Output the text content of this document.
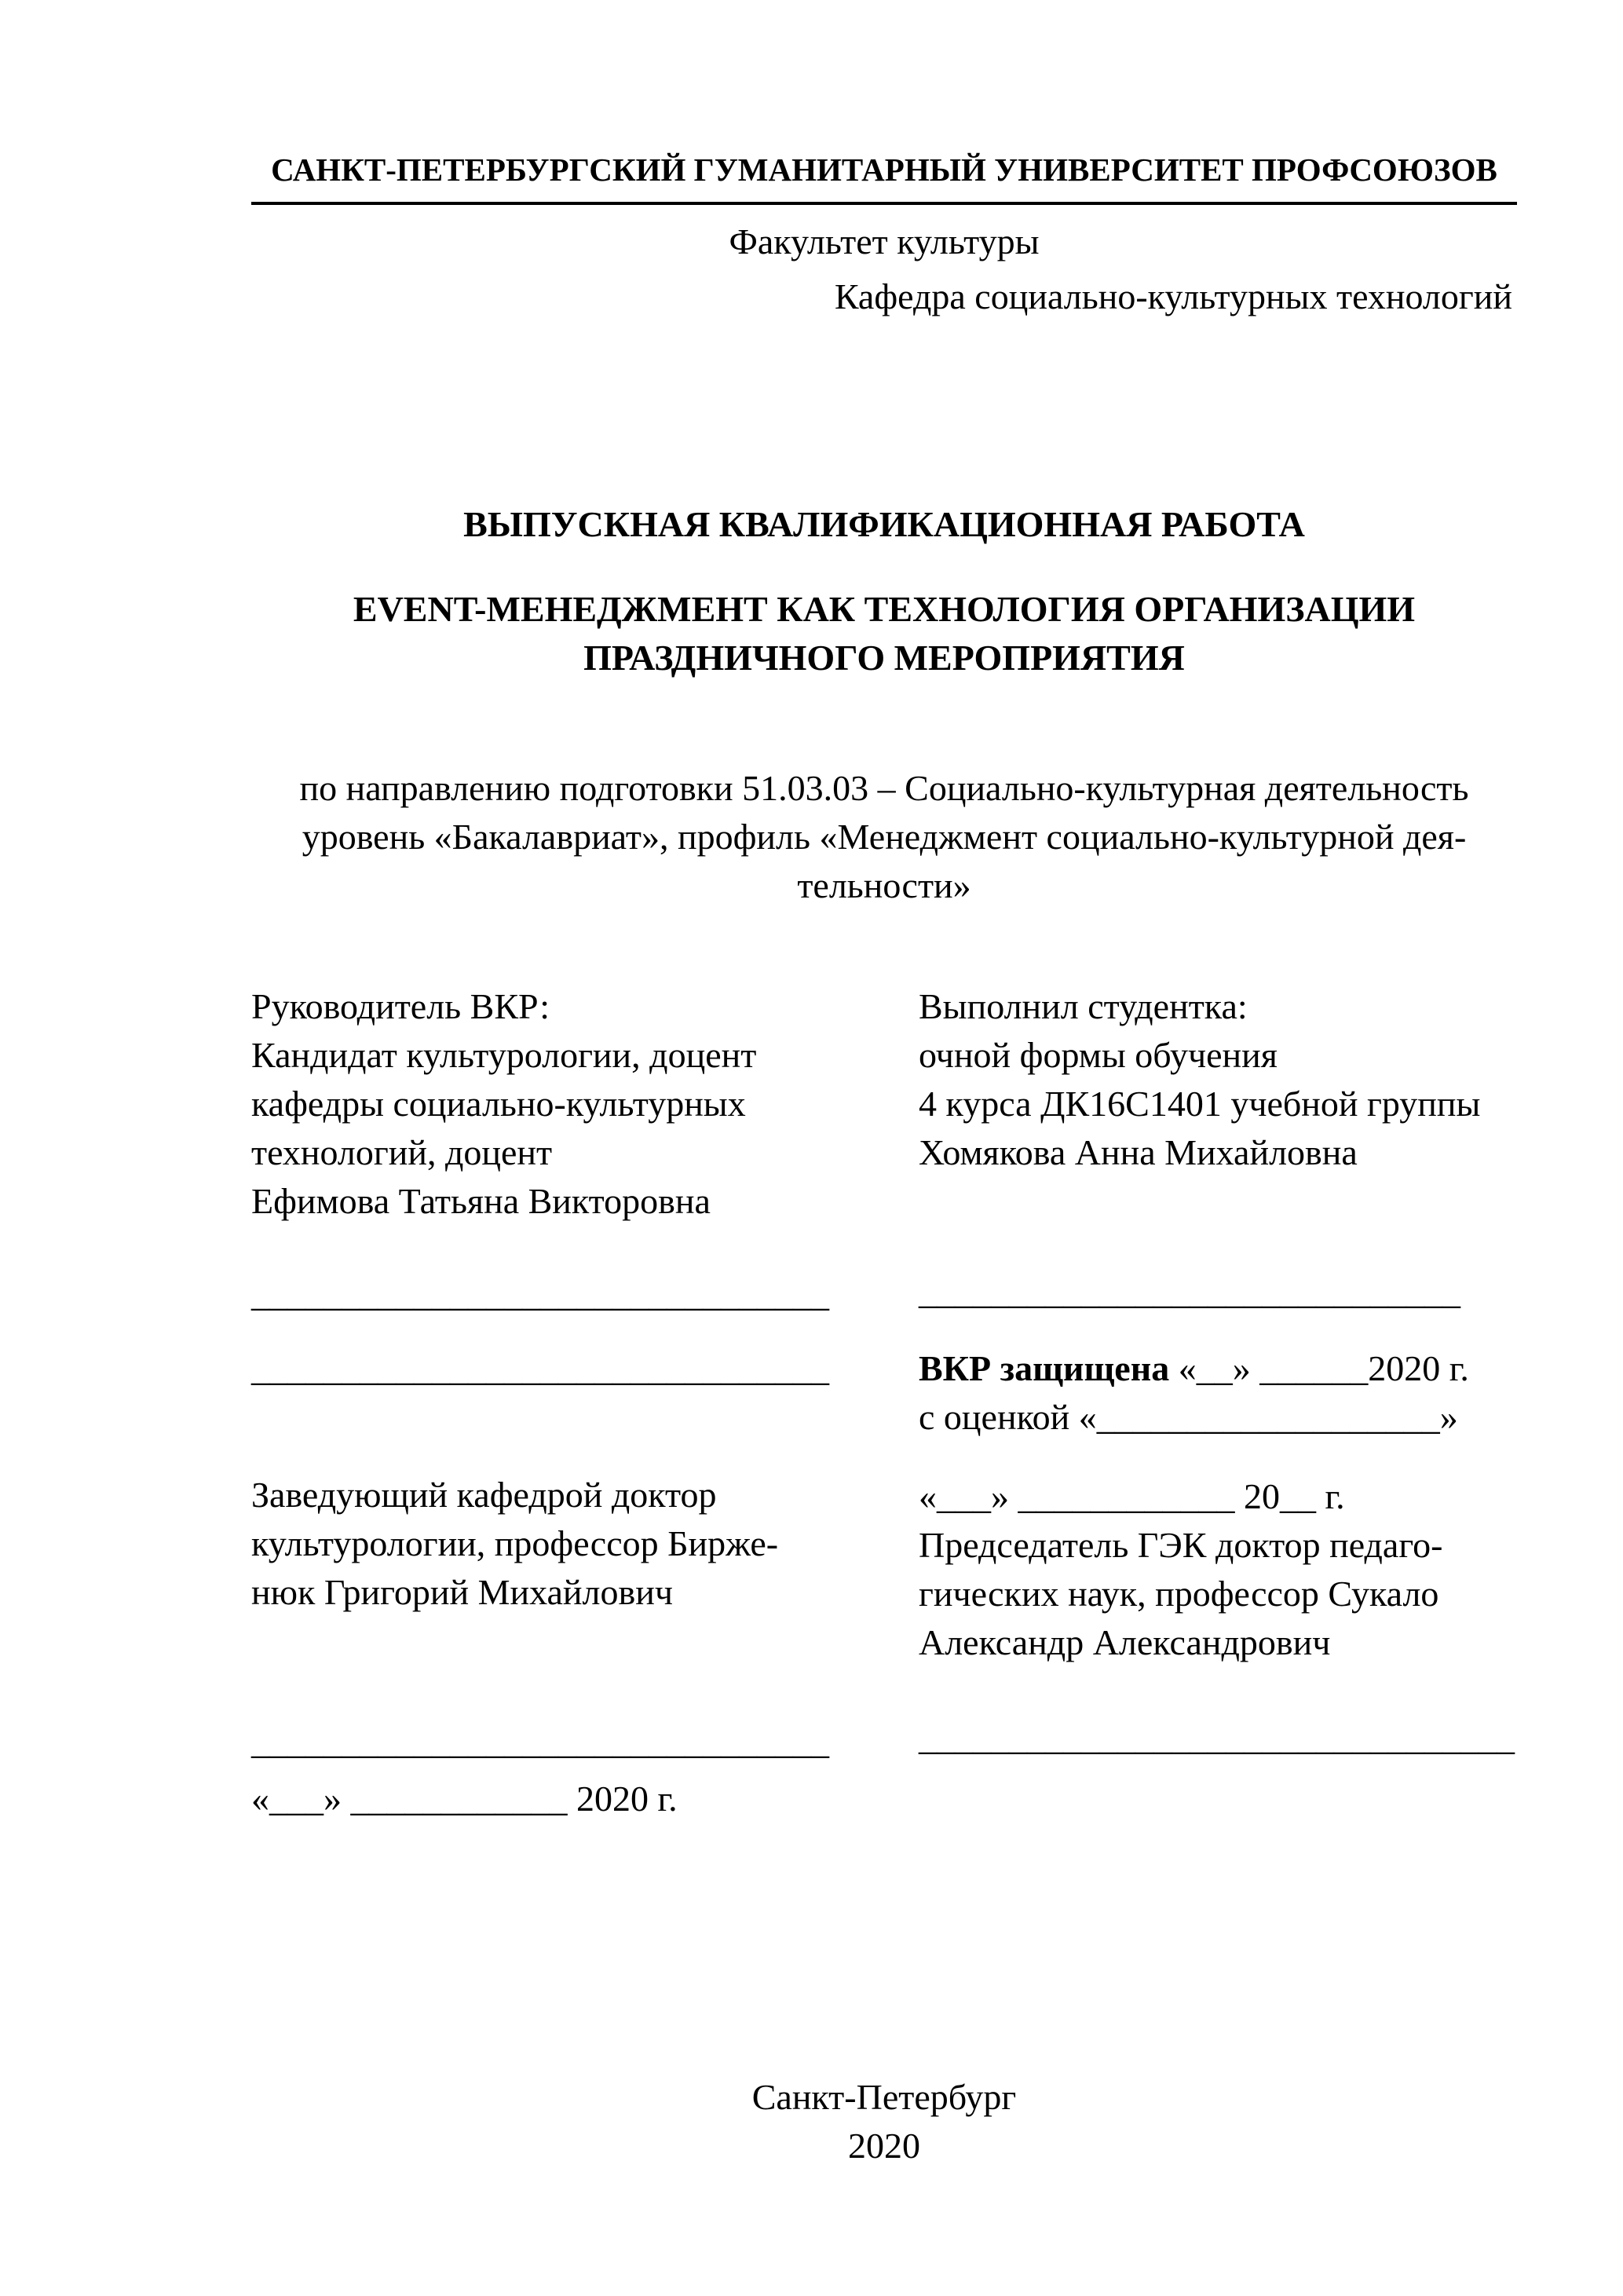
САНКТ-ПЕТЕРБУРГСКИЙ ГУМАНИТАРНЫЙ УНИВЕРСИТЕТ ПРОФСОЮЗОВ
Факультет культуры
Кафедра социально-культурных технологий
ВЫПУСКНАЯ КВАЛИФИКАЦИОННАЯ РАБОТА
EVENT-МЕНЕДЖМЕНТ КАК ТЕХНОЛОГИЯ ОРГАНИЗАЦИИ
ПРАЗДНИЧНОГО МЕРОПРИЯТИЯ
по направлению подготовки 51.03.03 – Социально-культурная деятельность
уровень «Бакалавриат», профиль «Менеджмент социально-культурной дея-
тельности»
Руководитель ВКР:
Кандидат культурологии, доцент
кафедры социально-культурных
технологий, доцент
Ефимова Татьяна Викторовна
________________________________
________________________________
Заведующий кафедрой доктор
культурологии, профессор Бирже-
нюк Григорий Михайлович
________________________________
«___» ____________ 2020 г.
Выполнил студентка:
очной формы обучения
4 курса ДК16С1401 учебной группы
Хомякова Анна Михайловна
______________________________
ВКР защищена «__» ______2020 г.
с оценкой «___________________»
«___» ____________ 20__ г.
Председатель ГЭК доктор педаго-
гических наук, профессор Сукало
Александр Александрович
_________________________________
Санкт-Петербург
2020
